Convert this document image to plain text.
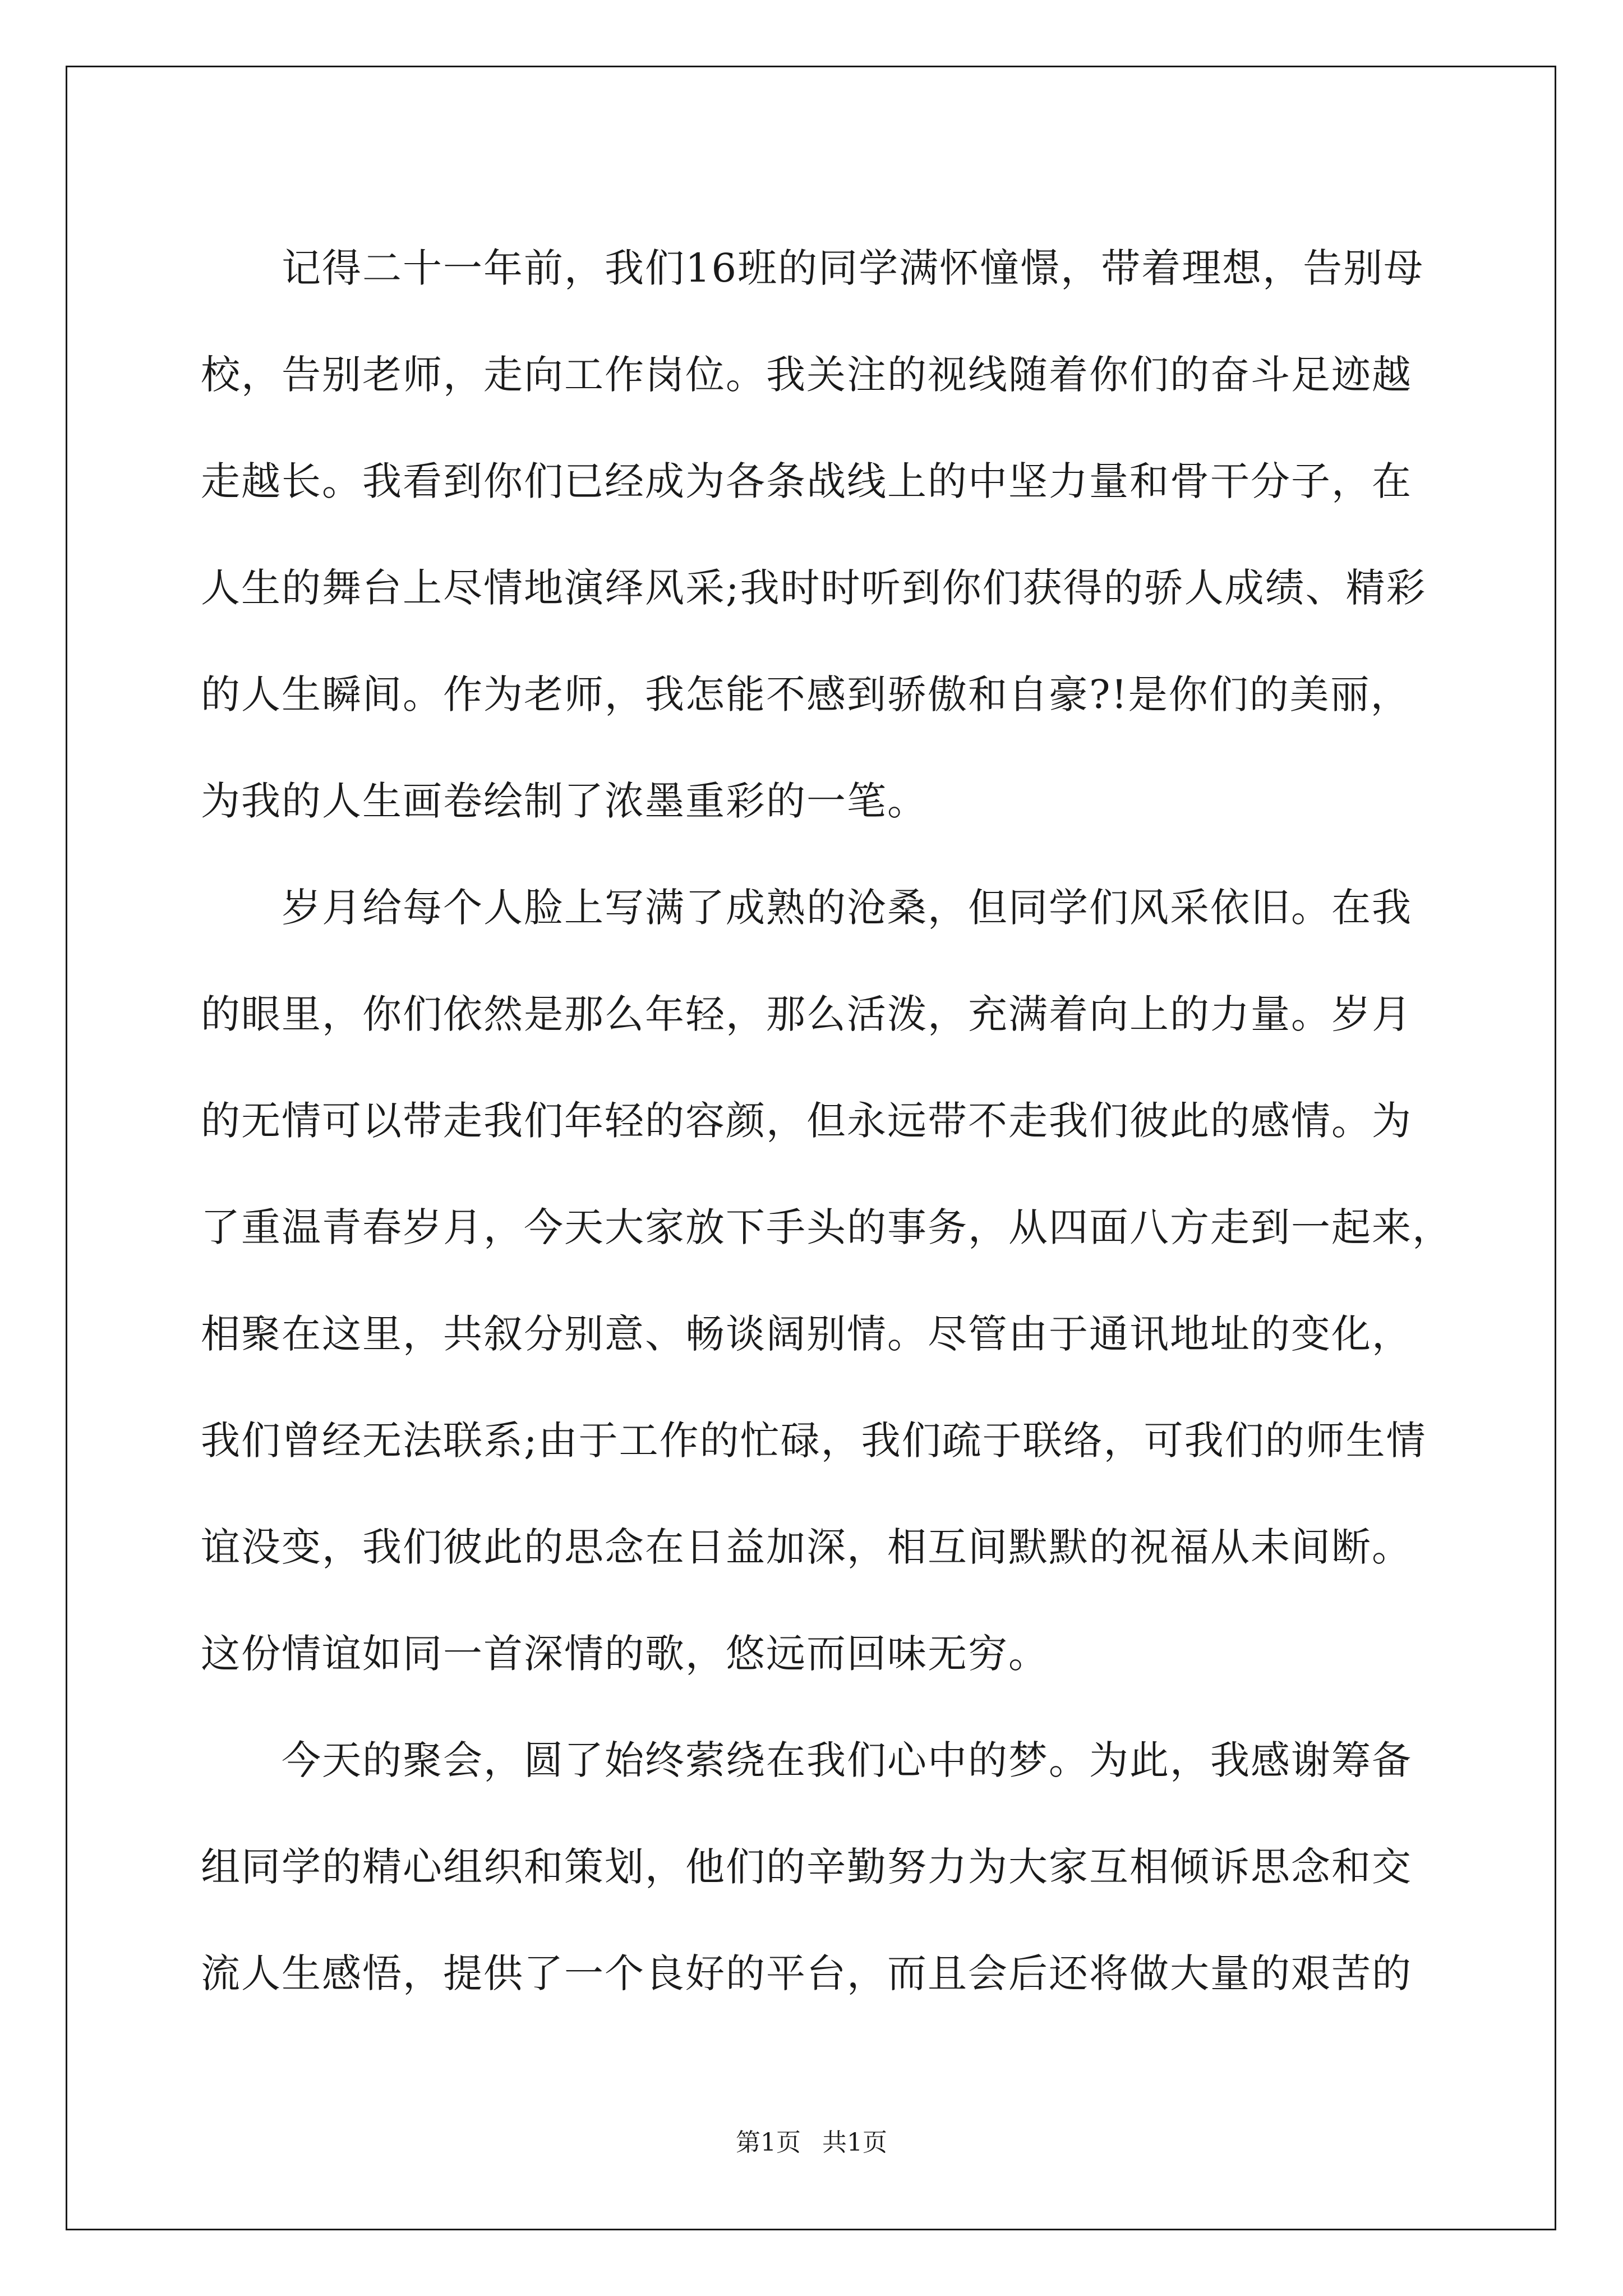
记得二十一年前，我们16班的同学满怀憧憬，带着理想，告别母
校，告别老师，走向工作岗位。我关注的视线随着你们的奋斗足迹越
走越长。我看到你们已经成为各条战线上的中坚力量和骨干分子，在
人生的舞台上尽情地演绎风采;我时时听到你们获得的骄人成绩、精彩
的人生瞬间。作为老师，我怎能不感到骄傲和自豪?!是你们的美丽，
为我的人生画卷绘制了浓墨重彩的一笔。
岁月给每个人脸上写满了成熟的沧桑，但同学们风采依旧。在我
的眼里，你们依然是那么年轻，那么活泼，充满着向上的力量。岁月
的无情可以带走我们年轻的容颜，但永远带不走我们彼此的感情。为
了重温青春岁月，今天大家放下手头的事务，从四面八方走到一起来，
相聚在这里，共叙分别意、畅谈阔别情。尽管由于通讯地址的变化，
我们曾经无法联系;由于工作的忙碌，我们疏于联络，可我们的师生情
谊没变，我们彼此的思念在日益加深，相互间默默的祝福从未间断。
这份情谊如同一首深情的歌，悠远而回味无穷。
今天的聚会，圆了始终萦绕在我们心中的梦。为此，我感谢筹备
组同学的精心组织和策划，他们的辛勤努力为大家互相倾诉思念和交
流人生感悟，提供了一个良好的平台，而且会后还将做大量的艰苦的
第1页 共1页
